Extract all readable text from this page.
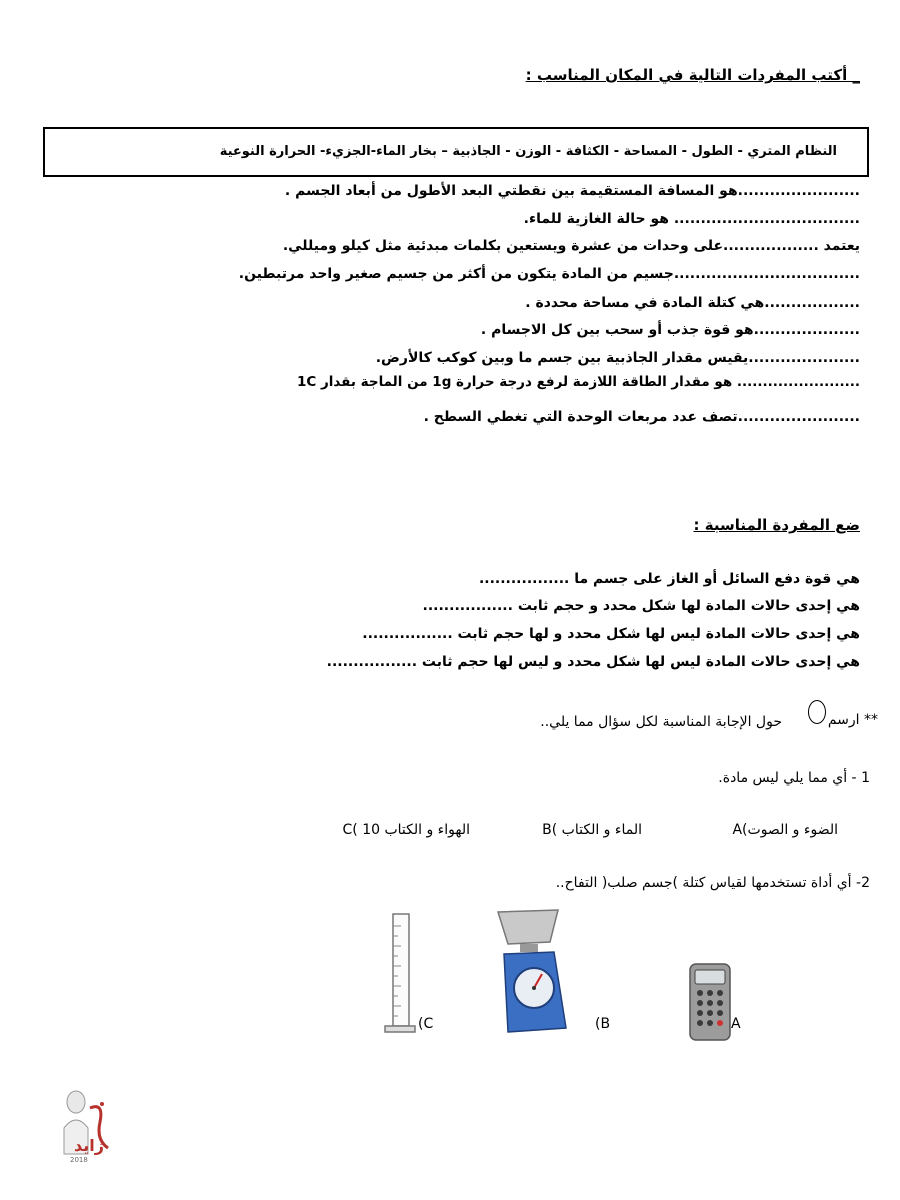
_ أكتب المفردات التالية في المكان المناسب :
النظام المتري - الطول - المساحة - الكثافة - الوزن - الجاذبية – بخار الماء-الجزيء- الحرارة النوعية
.......................هو المسافة المستقيمة بين نقطتي البعد الأطول من أبعاد الجسم .
................................... هو حالة الغازية للماء.
يعتمد ..................على وحدات من عشرة ويستعين بكلمات مبدئية مثل كيلو وميللي.
...................................جسيم من المادة يتكون من أكثر من جسيم صغير واحد مرتبطين.
..................هي كتلة المادة في مساحة محددة .
....................هو قوة جذب أو سحب بين كل الاجسام .
.....................يقيس مقدار الجاذبية بين جسم ما وبين كوكب كالأرض.
........................ هو مقدار الطاقة اللازمة لرفع درجة حرارة 1g من الماجة بقدار 1C
.......................تصف عدد مربعات الوحدة التي تغطي السطح .
ضع المفردة المناسبة :
هي قوة دفع السائل أو الغاز على جسم ما .................
هي إحدى حالات المادة لها شكل محدد و حجم ثابت .................
هي إحدى حالات المادة ليس لها شكل محدد و لها حجم ثابت .................
هي إحدى حالات المادة ليس لها شكل محدد و ليس لها حجم ثابت .................
** ارسم
حول الإجابة المناسبة لكل سؤال مما يلي..
1 - أي مما يلي ليس مادة.
A(الضوء و الصوت
B( الماء و الكتاب
C( الهواء و الكتاب 10
2- أي أداة تستخدمها لقياس كتلة )جسم صلب( التفاح..
A
(B
(C
زايد
2018
